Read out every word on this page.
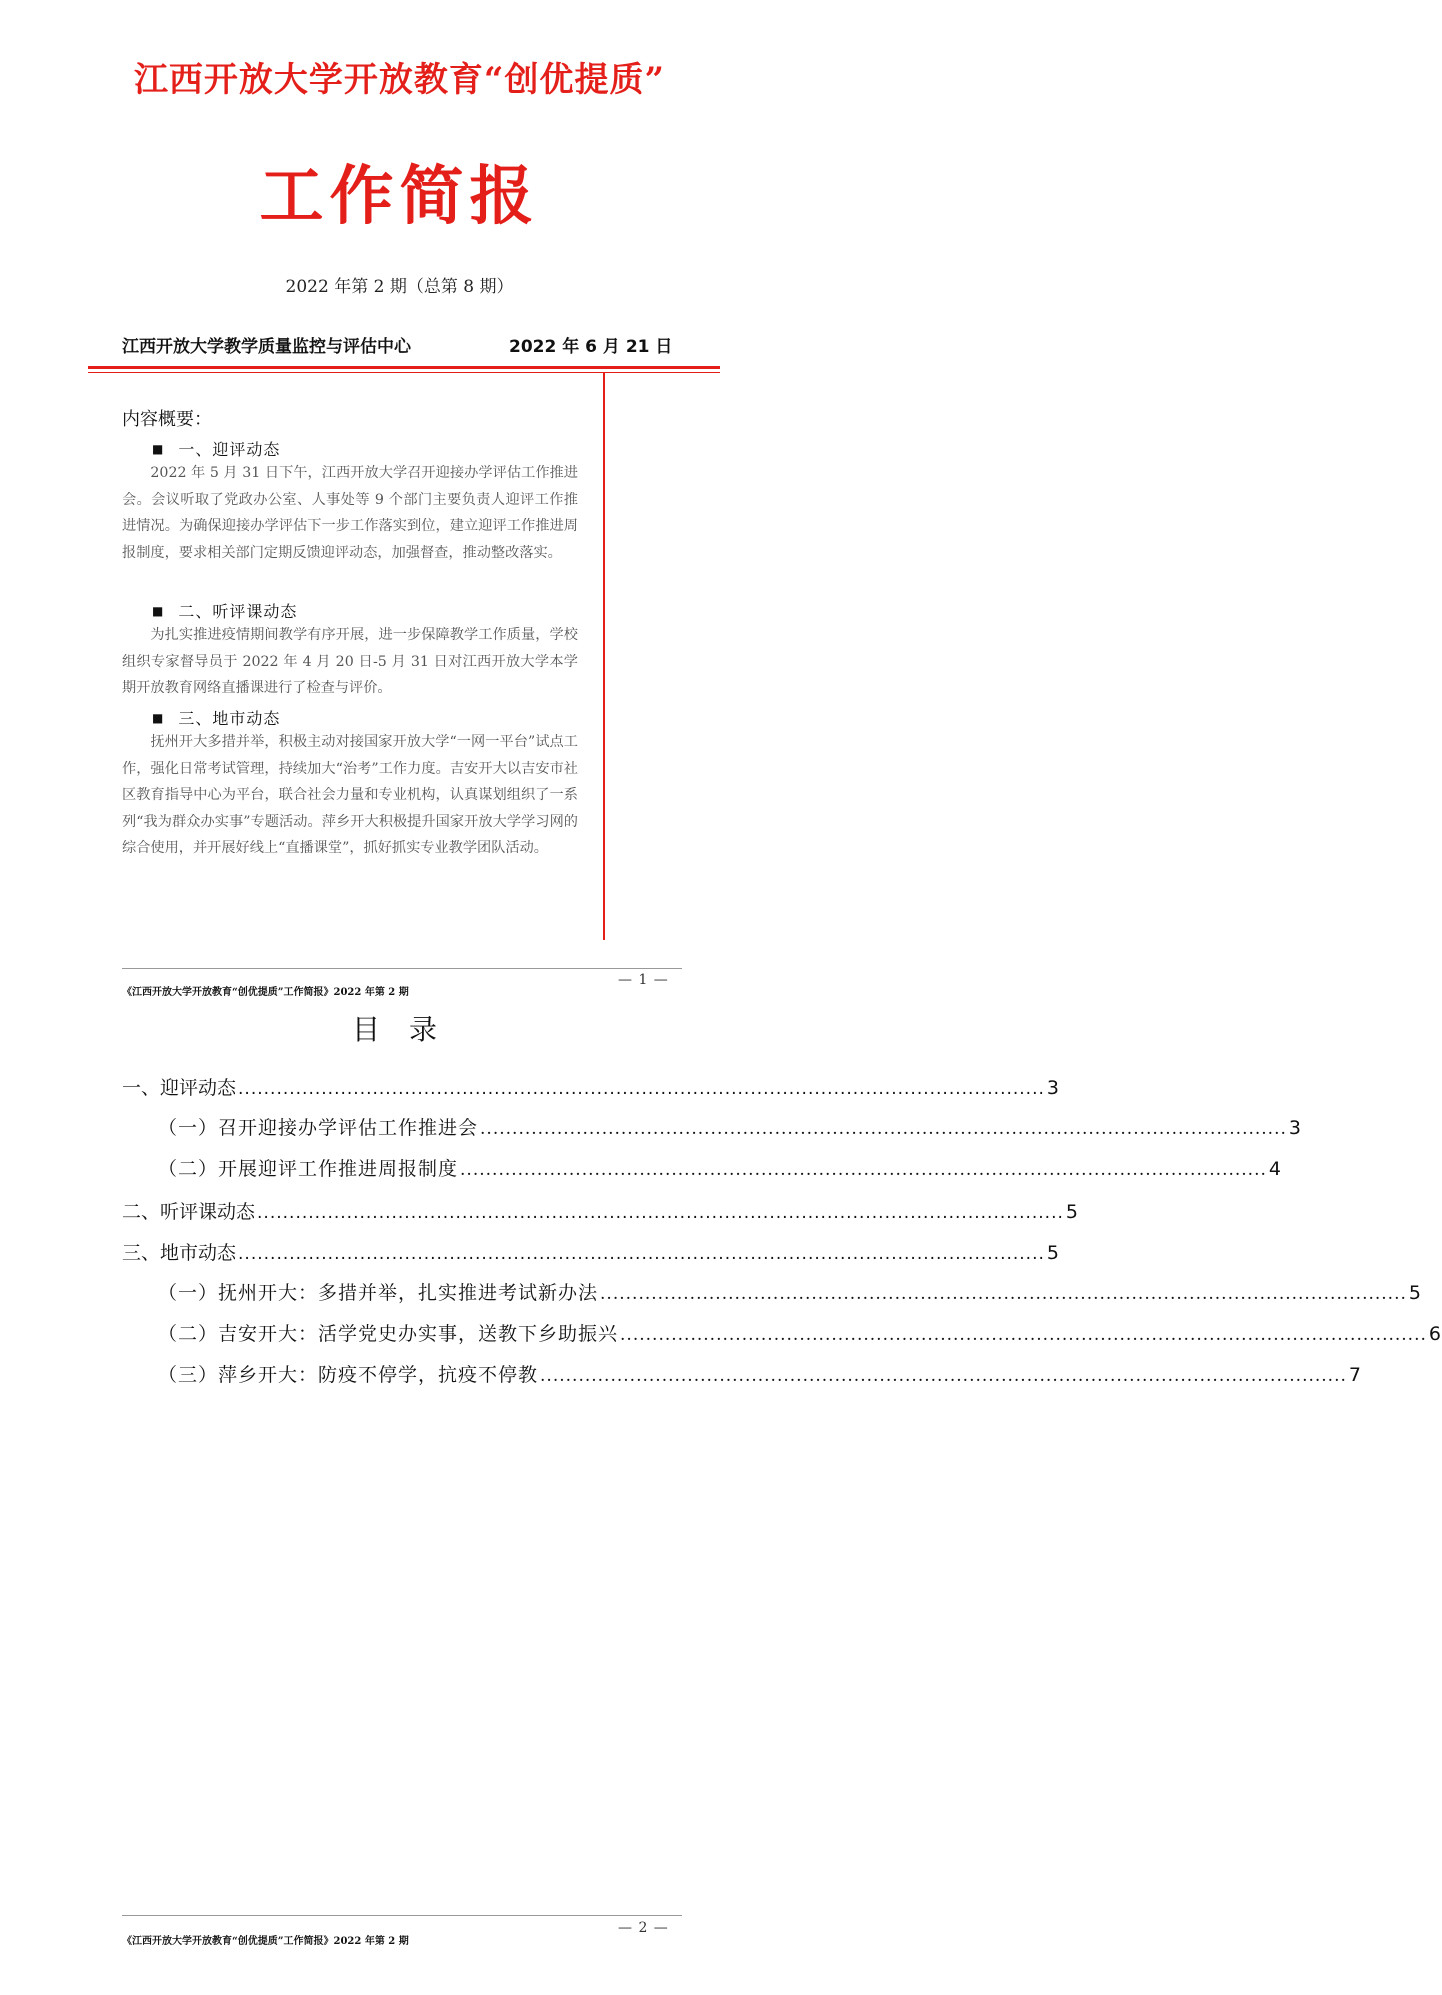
江西开放大学开放教育“创优提质”
工作简报
2022 年第 2 期（总第 8 期）
江西开放大学教学质量监控与评估中心	2022 年 6 月 21 日
内容概要：
■ 一、迎评动态

2022 年 5 月 31 日下午，江西开放大学召开迎接办学评估工作推进会。会议听取了党政办公室、人事处等 9 个部门主要负责人迎评工作推进情况。为确保迎接办学评估下一步工作落实到位，建立迎评工作推进周报制度，要求相关部门定期反馈迎评动态，加强督查，推动整改落实。

■ 二、听评课动态

为扎实推进疫情期间教学有序开展，进一步保障教学工作质量，学校组织专家督导员于 2022 年 4 月 20 日-5 月 31 日对江西开放大学本学期开放教育网络直播课进行了检查与评价。

■ 三、地市动态

抚州开大多措并举，积极主动对接国家开放大学“一网一平台”试点工作，强化日常考试管理，持续加大“治考”工作力度。吉安开大以吉安市社区教育指导中心为平台，联合社会力量和专业机构，认真谋划组织了一系列“我为群众办实事”专题活动。萍乡开大积极提升国家开放大学学习网的综合使用，并开展好线上“直播课堂”，抓好抓实专业教学团队活动。

— 1 —
《江西开放大学开放教育“创优提质”工作简报》2022 年第 2 期
目 录
一、迎评动态 .............................................................................................................................. 3
（一）召开迎接办学评估工作推进会 .............................................................................................................................. 3
（二）开展迎评工作推进周报制度 .............................................................................................................................. 4
二、听评课动态 .............................................................................................................................. 5
三、地市动态 .............................................................................................................................. 5
（一）抚州开大：多措并举，扎实推进考试新办法 .............................................................................................................................. 5
（二）吉安开大：活学党史办实事，送教下乡助振兴 .............................................................................................................................. 6
（三）萍乡开大：防疫不停学，抗疫不停教 .............................................................................................................................. 7
— 2 —
《江西开放大学开放教育“创优提质”工作简报》2022 年第 2 期
